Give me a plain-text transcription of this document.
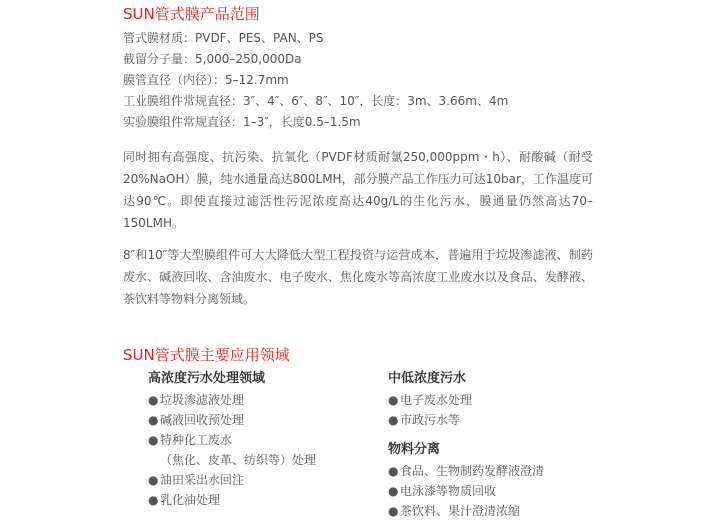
SUN管式膜产品范围
管式膜材质：PVDF、PES、PAN、PS
截留分子量：5,000–250,000Da
膜管直径（内径）：5–12.7mm
工业膜组件常规直径：3″、4″、6″、8″、10″，长度：3m、3.66m、4m
实验膜组件常规直径：1–3″，长度0.5–1.5m

同时拥有高强度、抗污染、抗氧化（PVDF材质耐氯250,000ppm・h）、耐酸碱（耐受20%NaOH）膜，纯水通量高达800LMH，部分膜产品工作压力可达10bar，工作温度可达90℃。即使直接过滤活性污泥浓度高达40g/L的生化污水，膜通量仍然高达70–150LMH。

8″和10″等大型膜组件可大大降低大型工程投资与运营成本，普遍用于垃圾渗滤液、制药废水、碱液回收、含油废水、电子废水、焦化废水等高浓度工业废水以及食品、发酵液、茶饮料等物料分离领域。

SUN管式膜主要应用领域
高浓度污水处理领域
● 垃圾渗滤液处理
● 碱液回收预处理
● 特种化工废水
（焦化、皮革、纺织等）处理
● 油田采出水回注
● 乳化油处理
中低浓度污水
● 电子废水处理
● 市政污水等
物料分离
● 食品、生物制药发酵液澄清
● 电泳漆等物质回收
● 茶饮料、果汁澄清浓缩
